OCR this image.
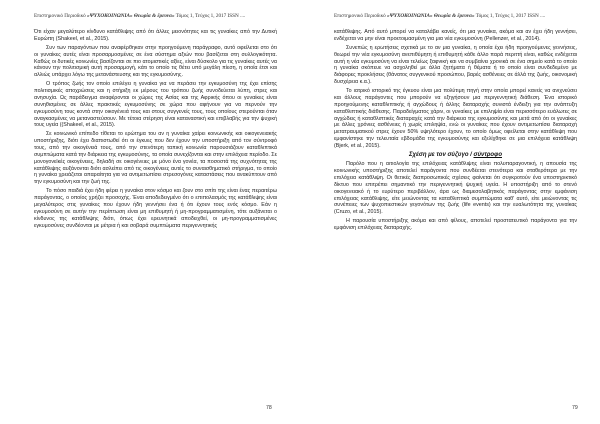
Επιστημονικό Περιοδικό «ΨΥΧΟΚΟΙΝΩΝΙΑ» Θεωρία & έρευνα» Τόμος 1, Τεύχος 1, 2017 ISSN ....

Ότι είχαν μεγαλύτερο κίνδυνο κατάθλιψης από ότι άλλες μειονότητες και τις γυναίκες από την Δυτική Ευρώπη (Shakeel, et al., 2015).

Συν των παραγόντων που αναφέρθηκαν στην προηγούμενη παράγραφο, αυτό οφείλεται στο ότι οι γυναίκες αυτές είναι προσαρμοσμένες σε ένα σύστημα αξιών που βασίζεται στη συλλογικότητα. Καθώς οι δυτικές κοινωνίες βασίζονται σε πιο ατομιστικές αξίες, είναι δύσκολο για τις γυναίκες αυτές να κάνουν την πολιτισμική αυτή προσαρμογή, κάτι το οποίο τις θέτει υπό μεγάλη πίεση, η οποία έτσι και αλλιώς υπάρχει λόγω της μετανάστευσης και της εγκυμοσύνης.

Ο τρόπος ζωής τον οποίο επιλέγει η γυναίκα για να περάσει την εγκυμοσύνη της έχει επίσης πολιτισμικές αποχρώσεις και η στήριξη εκ μέρους του τρόπου ζωής συνοδεύεται λύπη, στρες και ανησυχία. Ως παράδειγμα αναφέρονται οι χώρες της Ασίας και της Αφρικής όπου οι γυναίκες είναι συνηθισμένες σε άλλες πρακτικές εγκυμοσύνης σε χώρα που αφήνουν για να περνούν την εγκυμοσύνη τους κοντά στην οικογένειά τους και στους συγγενείς τους, τους οποίους στερούνται όταν αναγκασμένες να μεταναστεύσουν. Με τέτοια στέρηση είναι καταναστική και επιβλαβής για την ψυχική τους υγεία ((Shakeel, et al., 2015).

Σε κοινωνικό επίπεδο τίθεται το ερώτημα του αν η γυναίκα χαίρει κοινωνικής και οικογενειακής υποστήριξης, διότι έχει διαπιστωθεί ότι οι έγκυες που δεν έχουν την υποστήριξη από τον σύντροφό τους, από την οικογένειά τους, από την στενότερη ταπική κοινωνία παρουσιάζουν καταθλιπτικά συμπτώματα κατά την διάρκεια της εγκυμοσύνης, τα οποία συνεχίζονται και στην επιλόχεια περίοδο. Σε μονογονεϊκές οικογένειες, δηλαδή σε οικογένειες με μόνο ένα γονέα, τα ποσοστά της συχνότητας της κατάθλιψης αυξάνονται διότι ασλείπει από τις οικογένειες αυτές το συναισθηματικό στήριγμα, το οποίο η γυναίκα χρειάζεται απαραίτητα για να αντιμετωπίσει στρεσογόνες καταστάσεις που ανακύπτουν από την εγκυμοσύνη και την ζωή της.

Το πόσο παιδιά έχει ήδη φέρει η γυναίκα στον κόσμο και ζουν στο σπίτι της είναι ένας περαιτέρω παράγοντας, ο οποίος χρήζει προσοχής. Έναι αποδεδειγμένο ότι ο επιπολασμός της κατάθλιψης είναι μεγαλύτερος στις γυναίκες που έχουν ήδη γεννήσει ένα ή ότι έχουν τους ενός κόσμο. Εάν η εγκυμοσύνη σε αυτήν την περίπτωση είναι μη επιθυμητή ή μη-προγραμματισμένη, τότε αυξάνεται ο κίνδυνος της κατάθλιψης διότι, όπως έχει ερευνητικά αποδειχθεί, οι μη-προγραμματισμένες εγκυμοσύνες συνδέονται με μέτρια ή και σοβαρά συμπτώματα περιγεννητικής

78
Επιστημονικό Περιοδικό «ΨΥΧΟΚΟΙΝΩΝΙΑ» Θεωρία & έρευνα» Τόμος 1, Τεύχος 1, 2017 ISSN ....

κατάθλιψης. Από αυτό μπορεί να καταλάβει κανείς, ότι μια γυναίκα, ακόμα και αν έχει ήδη γεννήσει, ενδέχεται να μην είναι προετοιμασμένη για μια νέα εγκυμοσύνη (Pellenzer, et al., 2014).

Συνεπώς η ερωτήσεις σχετικά με το αν μια γυναίκα, η οποία έχει ήδη προηγούμενες γεννήσεις, θεωρεί την νέα εγκυμοσύνη ανεπιθύμητη ή επιθυμητή κάθε άλλο παρά περιττή είναι, καθώς ενδέχεται αυτή η νέα εγκυμοσύνη να είναι τελείως ξαφνική και να συμβαίνει χρονικά σε ένα σημείο κατά το οποίο η γυναίκα σκόπευε να ασχοληθεί με άλλα ζητήματα ή θέματα ή το οποίο είναι συνδεδεμένο με διάφορες προκλήσεις (θάνατος συγγενικού προσώπου, βαρές ασθένειες σε άλλά της ζωής, οικονομική δυσχέρεια κ.α.).

Το ιατρικό ιστορικό της έγκυου είναι μια πολύτιμη πηγή στην οποία μπορεί κανείς να ανιχνεύσει και άλλους παράγοντες που μπορούν να εξηγήσουν μια περιγεννητική διάθεση. Ένα ιστορικό προηγούμενης καταθλιπτικής ή αγχώδους ή άλλης διαταραχής συνιστά ένδειξη για την ανάπτυξη καταθλιπτικής διάθεσης. Παραδείγματος χάριν, οι γυναίκες με επιληψία είναι περισσότερο ευάλωτες σε αγχώδεις ή καταθλιπτικές διαταραχές κατά την διάρκεια της εγκυμοσύνης και μετά από ότι οι γυναίκες με άλλες χρόνιες ασθένειες ή χωρίς επιληψία, ενώ οι γυναίκες που έχουν αντιμετωπίσει διαταραχή μετατραυματικού στρες έχουν 50% υψηλότερο έχουν, το οποίο όμως οφείλεται στην κατάθλιψη που εμφανίστηκε την τελευταία εβδομάδα της εγκυμοσύνης και εξελίχθηκε σε μια επιλόχεια κατάθλιψη (Bjerk, et al., 2015).

Σχέση με τον σύζυγο / σύντροφο

Παρόλο που η αιτιολογία της επιλόχειας κατάθλιψης είναι πολυπαραγοντική, η απουσία της κοινωνικής υποστήριξης αποτελεί παράγοντα που συνδέεται στενότερα και σταθερότερα με την επιλόχεια κατάθλιψη. Οι θετικές διαπροσωπικές σχέσεις φαίνεται ότι συγκροτούν ένα υποστηρικτικό δίκτυο που επιτρέπει σημαντικό την περιγεννητική ψυχική υγεία. Η υποστήριξη από το στενό οικογενειακό ή το ευρύτερο περιβάλλον, άρα ως διαμεσολαβητικός παράγοντας στην εμφάνιση επιλόχειας κατάθλιψης, είτε μειώνοντας τα καταθλιπτικά συμπτώματα καθ' αυτό, είτε μειώνοντας τις συνέπειες των ψυχοπιεστικών γεγονότων της ζωής (life events) και την ευαλωτότητα της γυναίκας (Cruzo, et al., 2015).

Η παρουσία υποστήριξης ακόμα και από φίλους, αποτελεί προστατευτικό παράγοντα για την εμφάνιση επιλόχειας διαταραχής.

79
